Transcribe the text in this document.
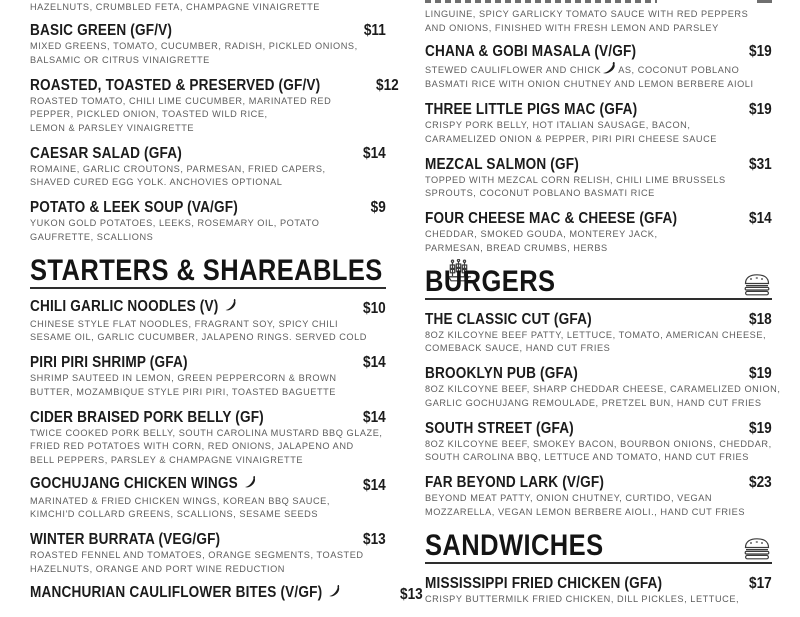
HAZELNUTS, CRUMBLED FETA, CHAMPAGNE VINAIGRETTE
BASIC GREEN (GF/V)	$11
MIXED GREENS, TOMATO, CUCUMBER, RADISH, PICKLED ONIONS,
BALSAMIC OR CITRUS VINAIGRETTE
ROASTED, TOASTED & PRESERVED (GF/V)	$12
ROASTED TOMATO, CHILI LIME CUCUMBER, MARINATED RED
PEPPER, PICKLED ONION, TOASTED WILD RICE,
LEMON & PARSLEY VINAIGRETTE
CAESAR SALAD (GFA)	$14
ROMAINE, GARLIC CROUTONS, PARMESAN, FRIED CAPERS,
SHAVED CURED EGG YOLK. ANCHOVIES OPTIONAL
POTATO & LEEK SOUP (VA/GF)	$9
YUKON GOLD POTATOES, LEEKS, ROSEMARY OIL, POTATO
GAUFRETTE, SCALLIONS
STARTERS & SHAREABLES
CHILI GARLIC NOODLES (V)	$10
CHINESE STYLE FLAT NOODLES, FRAGRANT SOY, SPICY CHILI
SESAME OIL, GARLIC CUCUMBER, JALAPENO RINGS. SERVED COLD
PIRI PIRI SHRIMP (GFA)	$14
SHRIMP SAUTEED IN LEMON, GREEN PEPPERCORN & BROWN
BUTTER, MOZAMBIQUE STYLE PIRI PIRI, TOASTED BAGUETTE
CIDER BRAISED PORK BELLY (GF)	$14
TWICE COOKED PORK BELLY, SOUTH CAROLINA MUSTARD BBQ GLAZE,
FRIED RED POTATOES WITH CORN, RED ONIONS, JALAPENO AND
BELL PEPPERS, PARSLEY & CHAMPAGNE VINAIGRETTE
GOCHUJANG CHICKEN WINGS	$14
MARINATED & FRIED CHICKEN WINGS, KOREAN BBQ SAUCE,
KIMCHI'D COLLARD GREENS, SCALLIONS, SESAME SEEDS
WINTER BURRATA (VEG/GF)	$13
ROASTED FENNEL AND TOMATOES, ORANGE SEGMENTS, TOASTED
HAZELNUTS, ORANGE AND PORT WINE REDUCTION
MANCHURIAN CAULIFLOWER BITES (V/GF)	$13
LINGUINE, SPICY GARLICKY TOMATO SAUCE WITH RED PEPPERS
AND ONIONS, FINISHED WITH FRESH LEMON AND PARSLEY
CHANA & GOBI MASALA (V/GF)	$19
STEWED CAULIFLOWER AND CHICK AS, COCONUT POBLANO
BASMATI RICE WITH ONION CHUTNEY AND LEMON BERBERE AIOLI
THREE LITTLE PIGS MAC (GFA)	$19
CRISPY PORK BELLY, HOT ITALIAN SAUSAGE, BACON,
CARAMELIZED ONION & PEPPER, PIRI PIRI CHEESE SAUCE
MEZCAL SALMON (GF)	$31
TOPPED WITH MEZCAL CORN RELISH, CHILI LIME BRUSSELS
SPROUTS, COCONUT POBLANO BASMATI RICE
FOUR CHEESE MAC & CHEESE (GFA)	$14
CHEDDAR, SMOKED GOUDA, MONTEREY JACK,
PARMESAN, BREAD CRUMBS, HERBS
BURGERS
THE CLASSIC CUT (GFA)	$18
8OZ KILCOYNE BEEF PATTY, LETTUCE, TOMATO, AMERICAN CHEESE,
COMEBACK SAUCE, HAND CUT FRIES
BROOKLYN PUB (GFA)	$19
8OZ KILCOYNE BEEF, SHARP CHEDDAR CHEESE, CARAMELIZED ONION,
GARLIC GOCHUJANG REMOULADE, PRETZEL BUN, HAND CUT FRIES
SOUTH STREET (GFA)	$19
8OZ KILCOYNE BEEF, SMOKEY BACON, BOURBON ONIONS, CHEDDAR,
SOUTH CAROLINA BBQ, LETTUCE AND TOMATO, HAND CUT FRIES
FAR BEYOND LARK (V/GF)	$23
BEYOND MEAT PATTY, ONION CHUTNEY, CURTIDO, VEGAN
MOZZARELLA, VEGAN LEMON BERBERE AIOLI., HAND CUT FRIES
SANDWICHES
MISSISSIPPI FRIED CHICKEN (GFA)	$17
CRISPY BUTTERMILK FRIED CHICKEN, DILL PICKLES, LETTUCE,
